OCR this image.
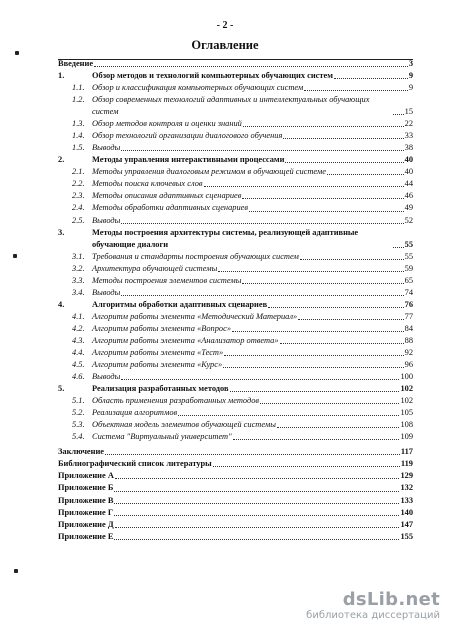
- 2 -
Оглавление
Введение	3
1.	Обзор методов и технологий компьютерных обучающих систем	9
1.1. Обзор и классификация компьютерных обучающих систем	9
1.2. Обзор современных технологий адаптивных и интеллектуальных обучающих систем	15
1.3. Обзор методов контроля и оценки знаний	22
1.4. Обзор технологий организации диалогового обучения	33
1.5. Выводы	38
2.	Методы управления интерактивными процессами	40
2.1. Методы управления диалоговым режимом в обучающей системе	40
2.2. Методы поиска ключевых слов	44
2.3. Методы описания адаптивных сценариев	46
2.4. Методы обработки адаптивных сценариев	49
2.5. Выводы	52
3.	Методы построения архитектуры системы, реализующей адаптивные обучающие диалоги	55
3.1. Требования и стандарты построения обучающих систем	55
3.2. Архитектура обучающей системы	59
3.3. Методы построения элементов системы	65
3.4. Выводы	74
4.	Алгоритмы обработки адаптивных сценариев	76
4.1. Алгоритм работы элемента «Методический Материал»	77
4.2. Алгоритм работы элемента «Вопрос»	84
4.3. Алгоритм работы элемента «Анализатор ответа»	88
4.4. Алгоритм работы элемента «Тест»	92
4.5. Алгоритм работы элемента «Курс»	96
4.6. Выводы	100
5.	Реализация разработанных методов	102
5.1. Область применения разработанных методов	102
5.2. Реализация алгоритмов	105
5.3. Объектная модель элементов обучающей системы	108
5.4. Система "Виртуальный университет"	109
Заключение	117
Библиографический список литературы	119
Приложение А	129
Приложение Б	132
Приложение В	133
Приложение Г	140
Приложение Д	147
Приложение Е	155
dsLib.net
библиотека диссертаций
